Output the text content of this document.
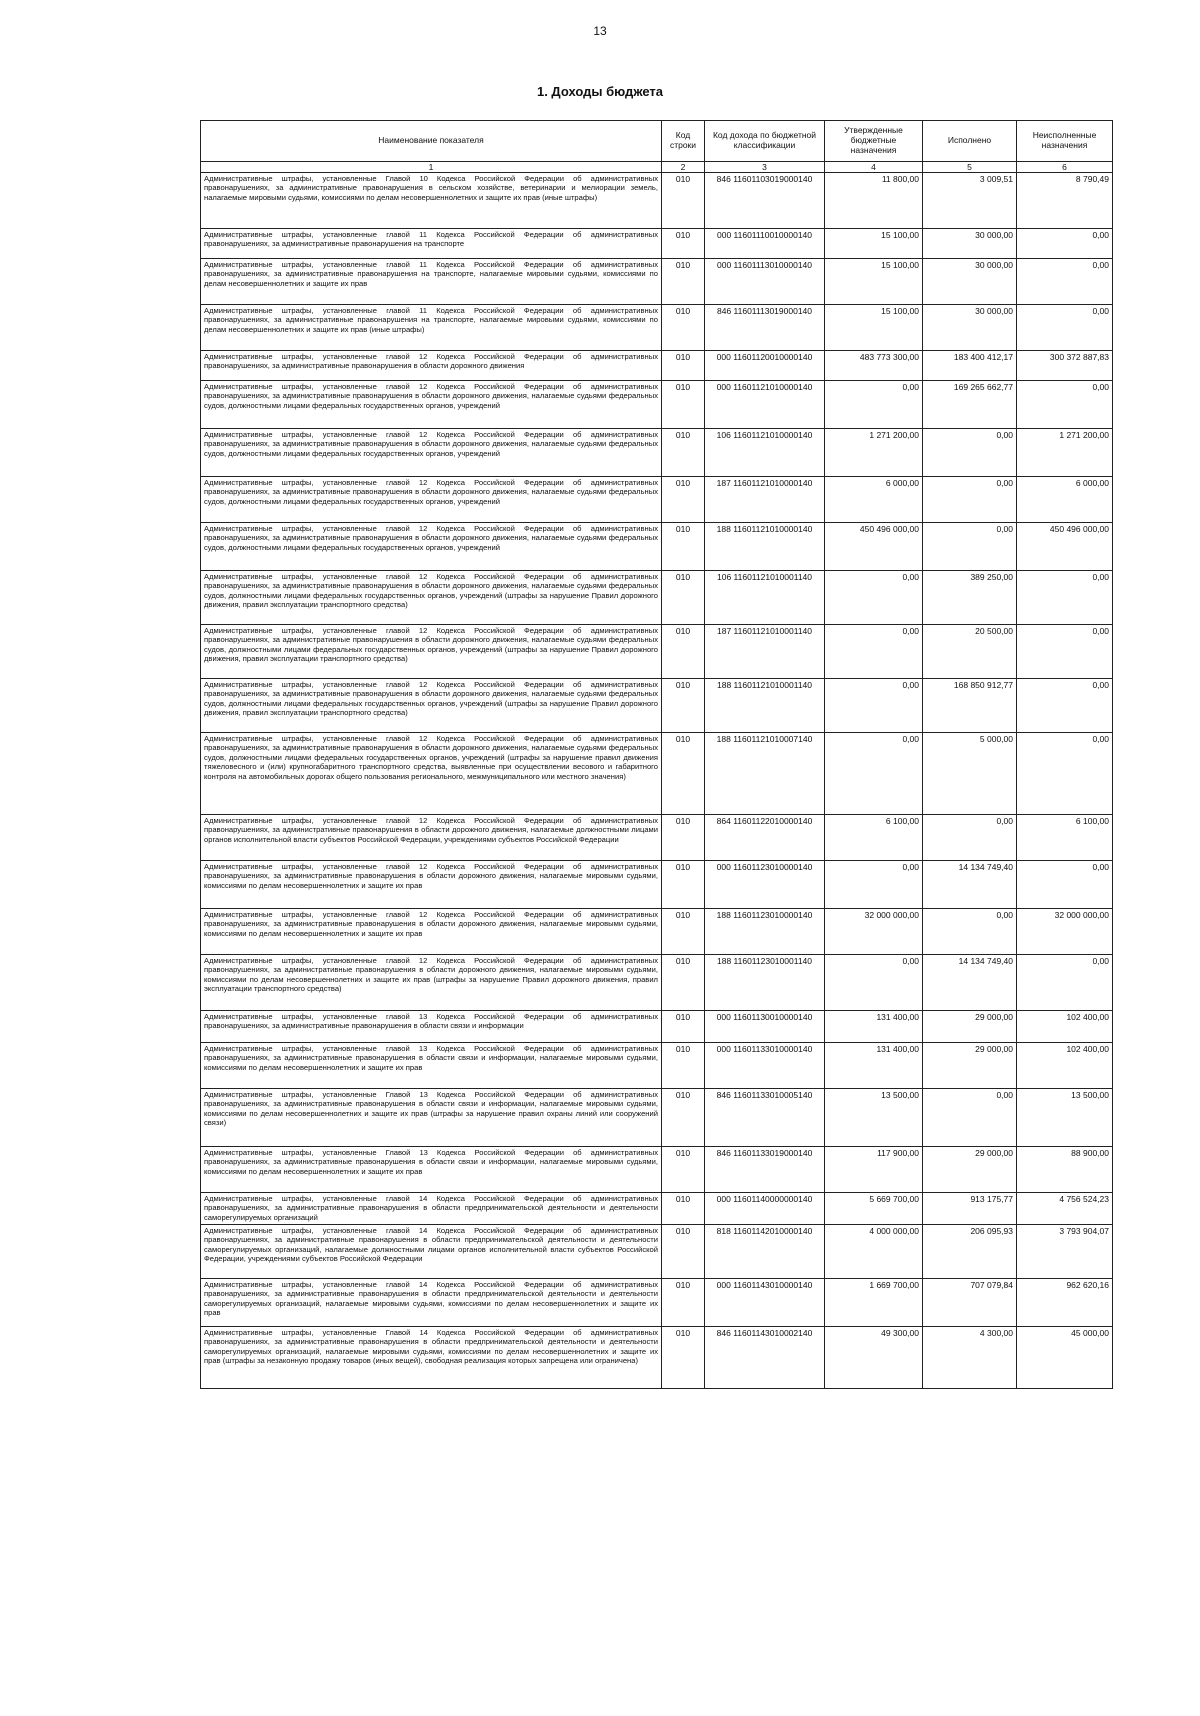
13
1. Доходы бюджета
Наименование показателя	Код строки	Код дохода по бюджетной классификации	Утвержденные бюджетные назначения	Исполнено	Неисполненные назначения
1	2	3	4	5	6
Административные штрафы, установленные Главой 10 Кодекса Российской Федерации об административных правонарушениях, за административные правонарушения в сельском хозяйстве, ветеринарии и мелиорации земель, налагаемые мировыми судьями, комиссиями по делам несовершеннолетних и защите их прав (иные штрафы)	010	846 11601103019000140	11 800,00	3 009,51	8 790,49
Административные штрафы, установленные главой 11 Кодекса Российской Федерации об административных правонарушениях, за административные правонарушения на транспорте	010	000 11601110010000140	15 100,00	30 000,00	0,00
Административные штрафы, установленные главой 11 Кодекса Российской Федерации об административных правонарушениях, за административные правонарушения на транспорте, налагаемые мировыми судьями, комиссиями по делам несовершеннолетних и защите их прав	010	000 11601113010000140	15 100,00	30 000,00	0,00
Административные штрафы, установленные главой 11 Кодекса Российской Федерации об административных правонарушениях, за административные правонарушения на транспорте, налагаемые мировыми судьями, комиссиями по делам несовершеннолетних и защите их прав (иные штрафы)	010	846 11601113019000140	15 100,00	30 000,00	0,00
Административные штрафы, установленные главой 12 Кодекса Российской Федерации об административных правонарушениях, за административные правонарушения в области дорожного движения	010	000 11601120010000140	483 773 300,00	183 400 412,17	300 372 887,83
Административные штрафы, установленные главой 12 Кодекса Российской Федерации об административных правонарушениях, за административные правонарушения в области дорожного движения, налагаемые судьями федеральных судов, должностными лицами федеральных государственных органов, учреждений	010	000 11601121010000140	0,00	169 265 662,77	0,00
Административные штрафы, установленные главой 12 Кодекса Российской Федерации об административных правонарушениях, за административные правонарушения в области дорожного движения, налагаемые судьями федеральных судов, должностными лицами федеральных государственных органов, учреждений	010	106 11601121010000140	1 271 200,00	0,00	1 271 200,00
Административные штрафы, установленные главой 12 Кодекса Российской Федерации об административных правонарушениях, за административные правонарушения в области дорожного движения, налагаемые судьями федеральных судов, должностными лицами федеральных государственных органов, учреждений	010	187 11601121010000140	6 000,00	0,00	6 000,00
Административные штрафы, установленные главой 12 Кодекса Российской Федерации об административных правонарушениях, за административные правонарушения в области дорожного движения, налагаемые судьями федеральных судов, должностными лицами федеральных государственных органов, учреждений	010	188 11601121010000140	450 496 000,00	0,00	450 496 000,00
Административные штрафы, установленные главой 12 Кодекса Российской Федерации об административных правонарушениях, за административные правонарушения в области дорожного движения, налагаемые судьями федеральных судов, должностными лицами федеральных государственных органов, учреждений (штрафы за нарушение Правил дорожного движения, правил эксплуатации транспортного средства)	010	106 11601121010001140	0,00	389 250,00	0,00
Административные штрафы, установленные главой 12 Кодекса Российской Федерации об административных правонарушениях, за административные правонарушения в области дорожного движения, налагаемые судьями федеральных судов, должностными лицами федеральных государственных органов, учреждений (штрафы за нарушение Правил дорожного движения, правил эксплуатации транспортного средства)	010	187 11601121010001140	0,00	20 500,00	0,00
Административные штрафы, установленные главой 12 Кодекса Российской Федерации об административных правонарушениях, за административные правонарушения в области дорожного движения, налагаемые судьями федеральных судов, должностными лицами федеральных государственных органов, учреждений (штрафы за нарушение Правил дорожного движения, правил эксплуатации транспортного средства)	010	188 11601121010001140	0,00	168 850 912,77	0,00
Административные штрафы, установленные главой 12 Кодекса Российской Федерации об административных правонарушениях, за административные правонарушения в области дорожного движения, налагаемые судьями федеральных судов, должностными лицами федеральных государственных органов, учреждений (штрафы за нарушение правил движения тяжеловесного и (или) крупногабаритного транспортного средства, выявленные при осуществлении весового и габаритного контроля на автомобильных дорогах общего пользования регионального, межмуниципального или местного значения)	010	188 11601121010007140	0,00	5 000,00	0,00
Административные штрафы, установленные главой 12 Кодекса Российской Федерации об административных правонарушениях, за административные правонарушения в области дорожного движения, налагаемые должностными лицами органов исполнительной власти субъектов Российской Федерации, учреждениями субъектов Российской Федерации	010	864 11601122010000140	6 100,00	0,00	6 100,00
Административные штрафы, установленные главой 12 Кодекса Российской Федерации об административных правонарушениях, за административные правонарушения в области дорожного движения, налагаемые мировыми судьями, комиссиями по делам несовершеннолетних и защите их прав	010	000 11601123010000140	0,00	14 134 749,40	0,00
Административные штрафы, установленные главой 12 Кодекса Российской Федерации об административных правонарушениях, за административные правонарушения в области дорожного движения, налагаемые мировыми судьями, комиссиями по делам несовершеннолетних и защите их прав	010	188 11601123010000140	32 000 000,00	0,00	32 000 000,00
Административные штрафы, установленные главой 12 Кодекса Российской Федерации об административных правонарушениях, за административные правонарушения в области дорожного движения, налагаемые мировыми судьями, комиссиями по делам несовершеннолетних и защите их прав (штрафы за нарушение Правил дорожного движения, правил эксплуатации транспортного средства)	010	188 11601123010001140	0,00	14 134 749,40	0,00
Административные штрафы, установленные главой 13 Кодекса Российской Федерации об административных правонарушениях, за административные правонарушения в области связи и информации	010	000 11601130010000140	131 400,00	29 000,00	102 400,00
Административные штрафы, установленные главой 13 Кодекса Российской Федерации об административных правонарушениях, за административные правонарушения в области связи и информации, налагаемые мировыми судьями, комиссиями по делам несовершеннолетних и защите их прав	010	000 11601133010000140	131 400,00	29 000,00	102 400,00
Административные штрафы, установленные Главой 13 Кодекса Российской Федерации об административных правонарушениях, за административные правонарушения в области связи и информации, налагаемые мировыми судьями, комиссиями по делам несовершеннолетних и защите их прав (штрафы за нарушение правил охраны линий или сооружений связи)	010	846 11601133010005140	13 500,00	0,00	13 500,00
Административные штрафы, установленные Главой 13 Кодекса Российской Федерации об административных правонарушениях, за административные правонарушения в области связи и информации, налагаемые мировыми судьями, комиссиями по делам несовершеннолетних и защите их прав	010	846 11601133019000140	117 900,00	29 000,00	88 900,00
Административные штрафы, установленные главой 14 Кодекса Российской Федерации об административных правонарушениях, за административные правонарушения в области предпринимательской деятельности и деятельности саморегулируемых организаций	010	000 11601140000000140	5 669 700,00	913 175,77	4 756 524,23
Административные штрафы, установленные главой 14 Кодекса Российской Федерации об административных правонарушениях, за административные правонарушения в области предпринимательской деятельности и деятельности саморегулируемых организаций, налагаемые должностными лицами органов исполнительной власти субъектов Российской Федерации, учреждениями субъектов Российской Федерации	010	818 11601142010000140	4 000 000,00	206 095,93	3 793 904,07
Административные штрафы, установленные главой 14 Кодекса Российской Федерации об административных правонарушениях, за административные правонарушения в области предпринимательской деятельности и деятельности саморегулируемых организаций, налагаемые мировыми судьями, комиссиями по делам несовершеннолетних и защите их прав	010	000 11601143010000140	1 669 700,00	707 079,84	962 620,16
Административные штрафы, установленные Главой 14 Кодекса Российской Федерации об административных правонарушениях, за административные правонарушения в области предпринимательской деятельности и деятельности саморегулируемых организаций, налагаемые мировыми судьями, комиссиями по делам несовершеннолетних и защите их прав (штрафы за незаконную продажу товаров (иных вещей), свободная реализация которых запрещена или ограничена)	010	846 11601143010002140	49 300,00	4 300,00	45 000,00
